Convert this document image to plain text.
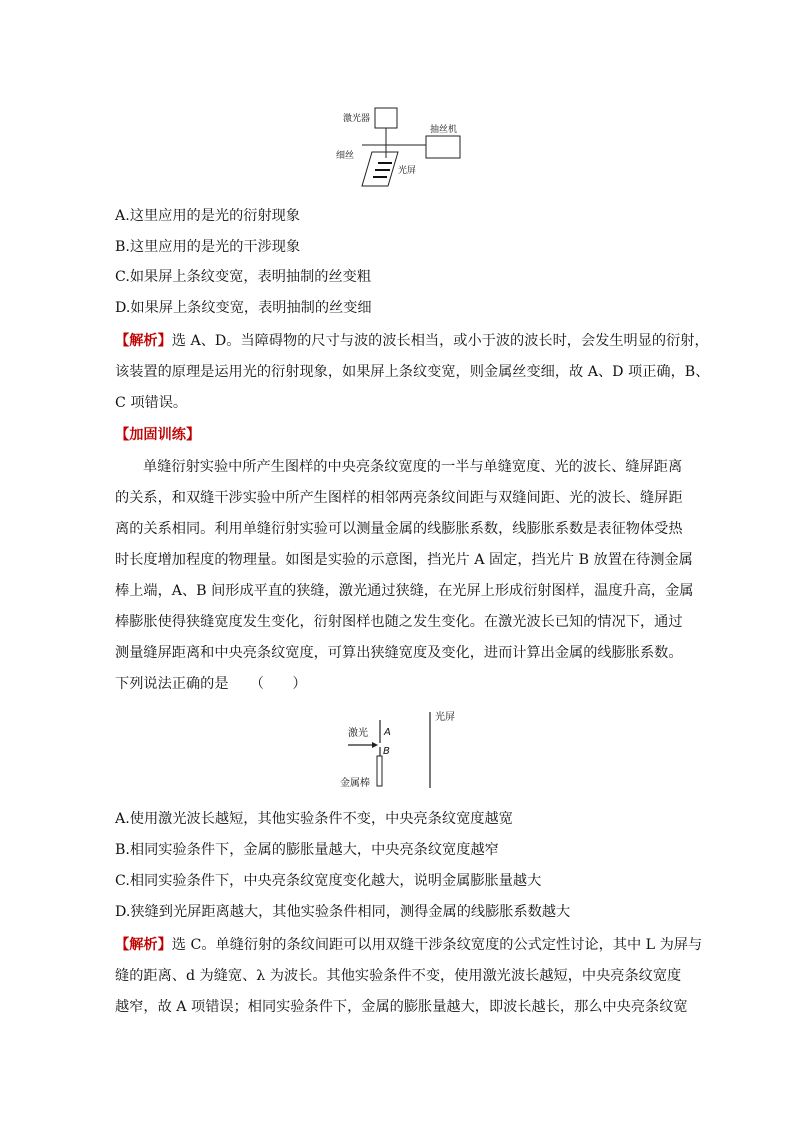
激光器
抽丝机
细丝
光屏
A.这里应用的是光的衍射现象
B.这里应用的是光的干涉现象
C.如果屏上条纹变宽，表明抽制的丝变粗
D.如果屏上条纹变宽，表明抽制的丝变细
【解析】选 A、D。当障碍物的尺寸与波的波长相当，或小于波的波长时，会发生明显的衍射，
该装置的原理是运用光的衍射现象，如果屏上条纹变宽，则金属丝变细，故 A、D 项正确，B、
C 项错误。
【加固训练】
单缝衍射实验中所产生图样的中央亮条纹宽度的一半与单缝宽度、光的波长、缝屏距离
的关系，和双缝干涉实验中所产生图样的相邻两亮条纹间距与双缝间距、光的波长、缝屏距
离的关系相同。利用单缝衍射实验可以测量金属的线膨胀系数，线膨胀系数是表征物体受热
时长度增加程度的物理量。如图是实验的示意图，挡光片 A 固定，挡光片 B 放置在待测金属
棒上端，A、B 间形成平直的狭缝，激光通过狭缝，在光屏上形成衍射图样，温度升高，金属
棒膨胀使得狭缝宽度发生变化，衍射图样也随之发生变化。在激光波长已知的情况下，通过
测量缝屏距离和中央亮条纹宽度，可算出狭缝宽度及变化，进而计算出金属的线膨胀系数。
下列说法正确的是　　（　　）
激光 A
B
金属棒
光屏
A.使用激光波长越短，其他实验条件不变，中央亮条纹宽度越宽
B.相同实验条件下，金属的膨胀量越大，中央亮条纹宽度越窄
C.相同实验条件下，中央亮条纹宽度变化越大，说明金属膨胀量越大
D.狭缝到光屏距离越大，其他实验条件相同，测得金属的线膨胀系数越大
【解析】选 C。单缝衍射的条纹间距可以用双缝干涉条纹宽度的公式定性讨论，其中 L 为屏与
缝的距离、d 为缝宽、λ 为波长。其他实验条件不变，使用激光波长越短，中央亮条纹宽度
越窄，故 A 项错误；相同实验条件下，金属的膨胀量越大，即波长越长，那么中央亮条纹宽
